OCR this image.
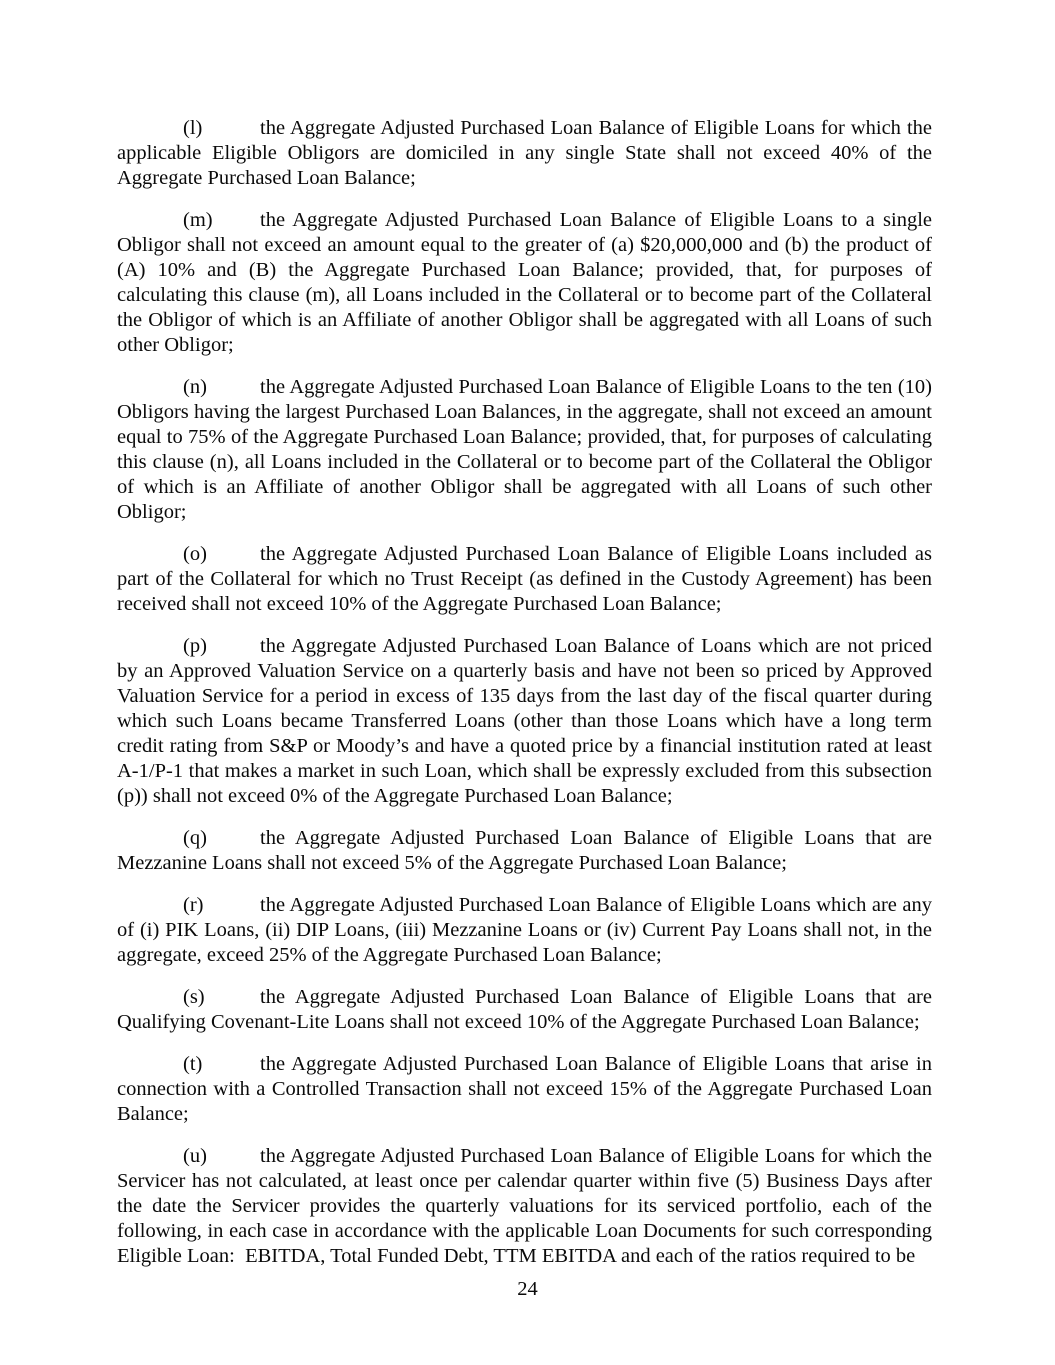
(l)	the Aggregate Adjusted Purchased Loan Balance of Eligible Loans for which the applicable Eligible Obligors are domiciled in any single State shall not exceed 40% of the Aggregate Purchased Loan Balance;

(m) the Aggregate Adjusted Purchased Loan Balance of Eligible Loans to a single Obligor shall not exceed an amount equal to the greater of (a) $20,000,000 and (b) the product of (A) 10% and (B) the Aggregate Purchased Loan Balance; provided, that, for purposes of calculating this clause (m), all Loans included in the Collateral or to become part of the Collateral the Obligor of which is an Affiliate of another Obligor shall be aggregated with all Loans of such other Obligor;

(n)	the Aggregate Adjusted Purchased Loan Balance of Eligible Loans to the ten (10) Obligors having the largest Purchased Loan Balances, in the aggregate, shall not exceed an amount equal to 75% of the Aggregate Purchased Loan Balance; provided, that, for purposes of calculating this clause (n), all Loans included in the Collateral or to become part of the Collateral the Obligor of which is an Affiliate of another Obligor shall be aggregated with all Loans of such other Obligor;

(o)	the Aggregate Adjusted Purchased Loan Balance of Eligible Loans included as part of the Collateral for which no Trust Receipt (as defined in the Custody Agreement) has been received shall not exceed 10% of the Aggregate Purchased Loan Balance;

(p)	the Aggregate Adjusted Purchased Loan Balance of Loans which are not priced by an Approved Valuation Service on a quarterly basis and have not been so priced by Approved Valuation Service for a period in excess of 135 days from the last day of the fiscal quarter during which such Loans became Transferred Loans (other than those Loans which have a long term credit rating from S&P or Moody’s and have a quoted price by a financial institution rated at least A-1/P-1 that makes a market in such Loan, which shall be expressly excluded from this subsection (p)) shall not exceed 0% of the Aggregate Purchased Loan Balance;

(q)	the Aggregate Adjusted Purchased Loan Balance of Eligible Loans that are Mezzanine Loans shall not exceed 5% of the Aggregate Purchased Loan Balance;

(r)	the Aggregate Adjusted Purchased Loan Balance of Eligible Loans which are any of (i) PIK Loans, (ii) DIP Loans, (iii) Mezzanine Loans or (iv) Current Pay Loans shall not, in the aggregate, exceed 25% of the Aggregate Purchased Loan Balance;

(s)	the Aggregate Adjusted Purchased Loan Balance of Eligible Loans that are Qualifying Covenant-Lite Loans shall not exceed 10% of the Aggregate Purchased Loan Balance;

(t)	the Aggregate Adjusted Purchased Loan Balance of Eligible Loans that arise in connection with a Controlled Transaction shall not exceed 15% of the Aggregate Purchased Loan Balance;

(u)	the Aggregate Adjusted Purchased Loan Balance of Eligible Loans for which the Servicer has not calculated, at least once per calendar quarter within five (5) Business Days after the date the Servicer provides the quarterly valuations for its serviced portfolio, each of the following, in each case in accordance with the applicable Loan Documents for such corresponding Eligible Loan:  EBITDA, Total Funded Debt, TTM EBITDA and each of the ratios required to be

24
